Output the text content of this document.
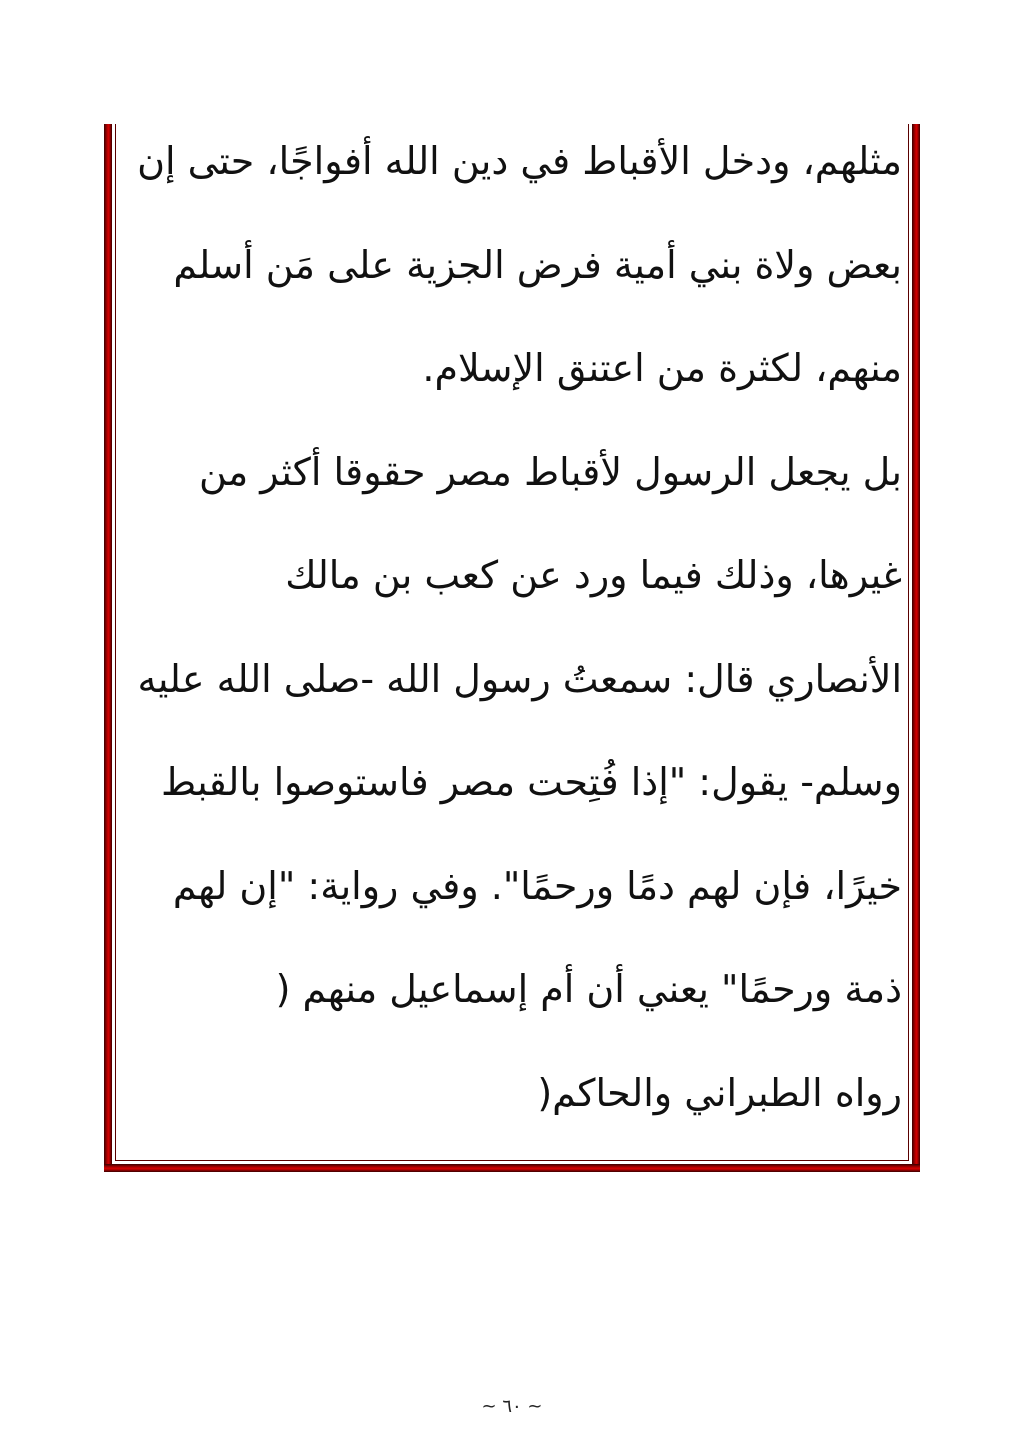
مثلهم، ودخل الأقباط في دين الله أفواجًا، حتى إن
بعض ولاة بني أمية فرض الجزية على مَن أسلم
منهم، لكثرة من اعتنق الإسلام.
بل يجعل الرسول لأقباط مصر حقوقا أكثر من
غيرها، وذلك فيما ورد عن كعب بن مالك
الأنصاري قال: سمعتُ رسول الله -صلى الله عليه
وسلم- يقول: "إذا فُتِحت مصر فاستوصوا بالقبط
خيرًا، فإن لهم دمًا ورحمًا". وفي رواية: "إن لهم
ذمة ورحمًا" يعني أن أم إسماعيل منهم (
رواه الطبراني والحاكم(
~ ٦٠ ~
